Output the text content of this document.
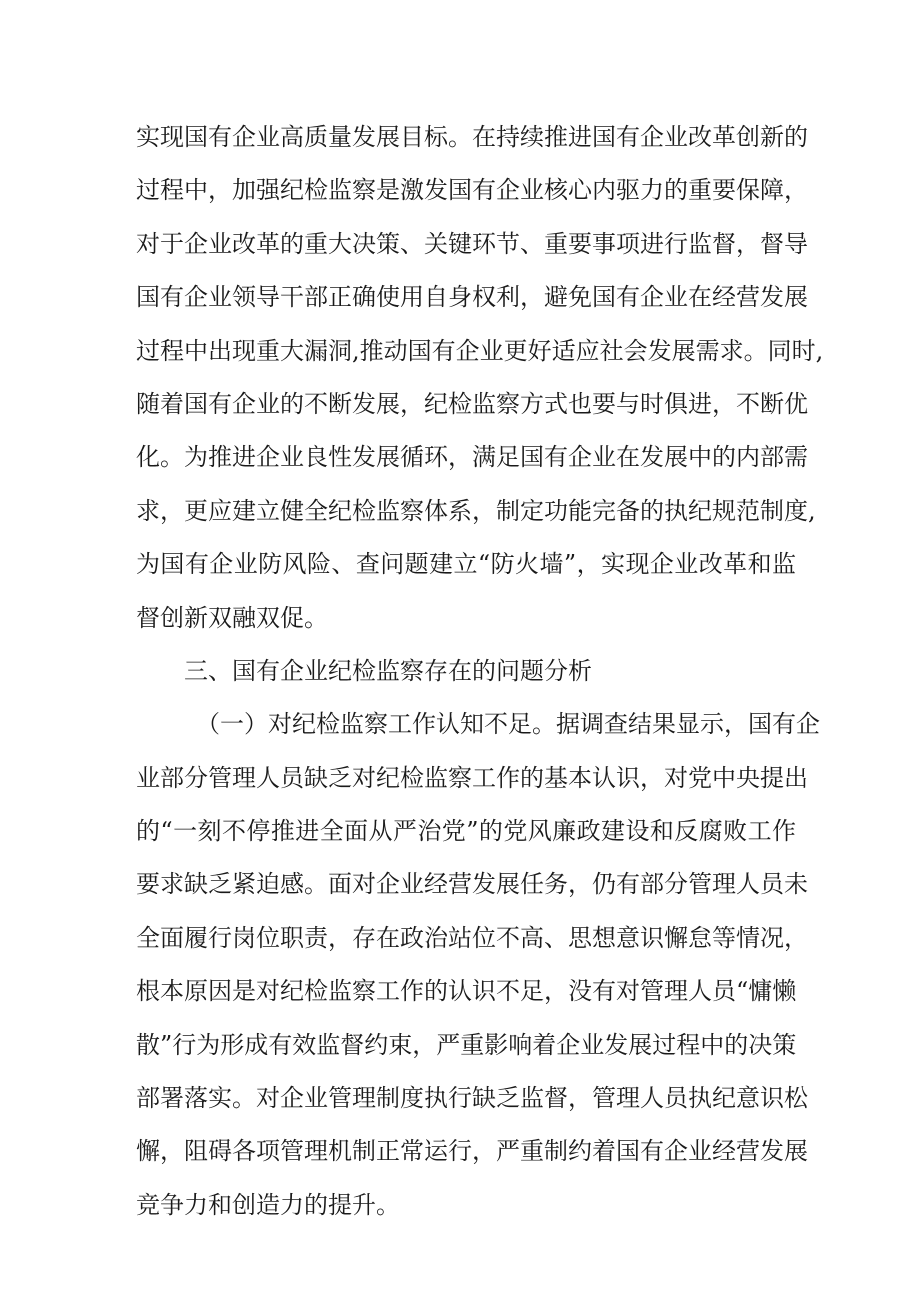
实现国有企业高质量发展目标。在持续推进国有企业改革创新的
过程中，加强纪检监察是激发国有企业核心内驱力的重要保障，
对于企业改革的重大决策、关键环节、重要事项进行监督，督导
国有企业领导干部正确使用自身权利，避免国有企业在经营发展
过程中出现重大漏洞,推动国有企业更好适应社会发展需求。同时,
随着国有企业的不断发展，纪检监察方式也要与时俱进，不断优
化。为推进企业良性发展循环，满足国有企业在发展中的内部需
求，更应建立健全纪检监察体系，制定功能完备的执纪规范制度,
为国有企业防风险、查问题建立“防火墙”，实现企业改革和监
督创新双融双促。
三、国有企业纪检监察存在的问题分析
（一）对纪检监察工作认知不足。据调查结果显示，国有企
业部分管理人员缺乏对纪检监察工作的基本认识，对党中央提出
的“一刻不停推进全面从严治党”的党风廉政建设和反腐败工作
要求缺乏紧迫感。面对企业经营发展任务，仍有部分管理人员未
全面履行岗位职责，存在政治站位不高、思想意识懈怠等情况，
根本原因是对纪检监察工作的认识不足，没有对管理人员“慵懒
散”行为形成有效监督约束，严重影响着企业发展过程中的决策
部署落实。对企业管理制度执行缺乏监督，管理人员执纪意识松
懈，阻碍各项管理机制正常运行，严重制约着国有企业经营发展
竞争力和创造力的提升。
